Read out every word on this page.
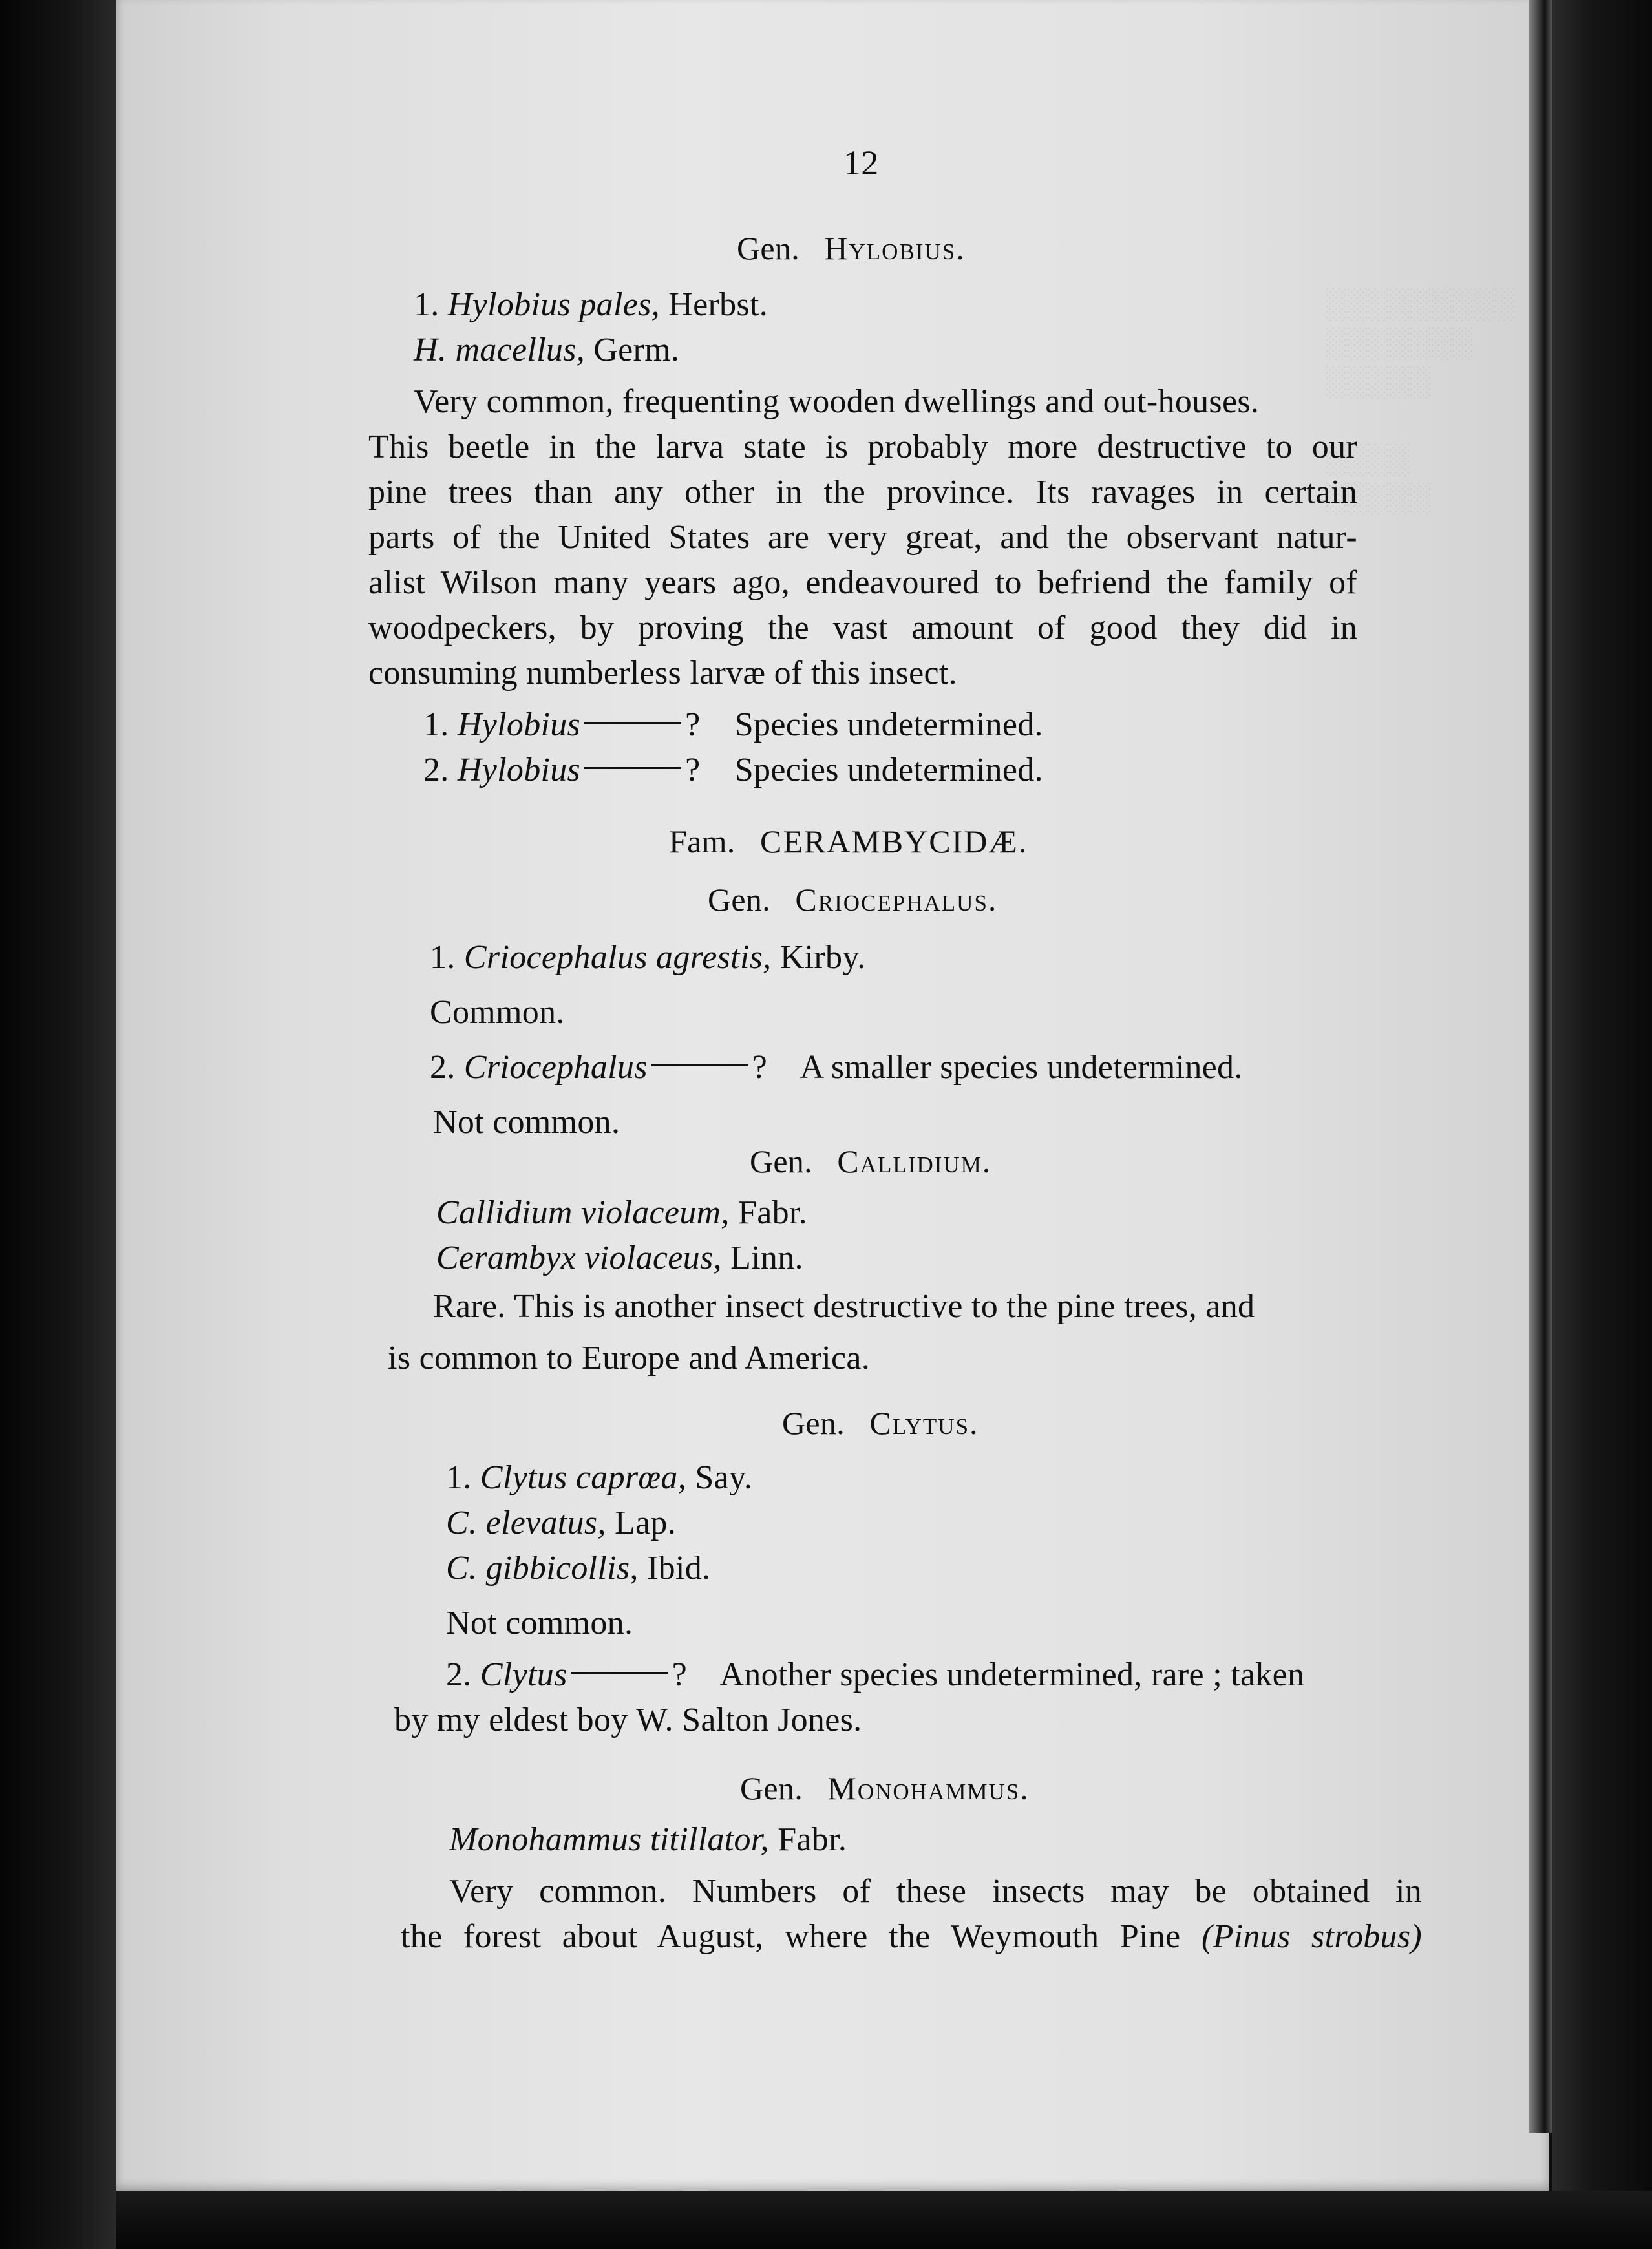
░░░░░░░░░
░░░░░░░
░░░░░

░░░░
░░░░░

12

Gen. Hylobius.

1. Hylobius pales, Herbst.

H. macellus, Germ.

Very common, frequenting wooden dwellings and out-houses.

This beetle in the larva state is probably more destructive to our

pine trees than any other in the province. Its ravages in certain

parts of the United States are very great, and the observant natur-

alist Wilson many years ago, endeavoured to befriend the family of

woodpeckers, by proving the vast amount of good they did in

consuming numberless larvæ of this insect.

1. Hylobius	? Species undetermined.

2. Hylobius	? Species undetermined.

Fam. CERAMBYCIDÆ.

Gen. Criocephalus.

1. Criocephalus agrestis, Kirby.

Common.

2. Criocephalus	? A smaller species undetermined.

Not common.

Gen. Callidium.

Callidium violaceum, Fabr.

Cerambyx violaceus, Linn.

Rare. This is another insect destructive to the pine trees, and

is common to Europe and America.

Gen. Clytus.

1. Clytus caprœa, Say.

C. elevatus, Lap.

C. gibbicollis, Ibid.

Not common.

2. Clytus	? Another species undetermined, rare ; taken

by my eldest boy W. Salton Jones.

Gen. Monohammus.

Monohammus titillator, Fabr.

Very common. Numbers of these insects may be obtained in

the forest about August, where the Weymouth Pine (Pinus strobus)
